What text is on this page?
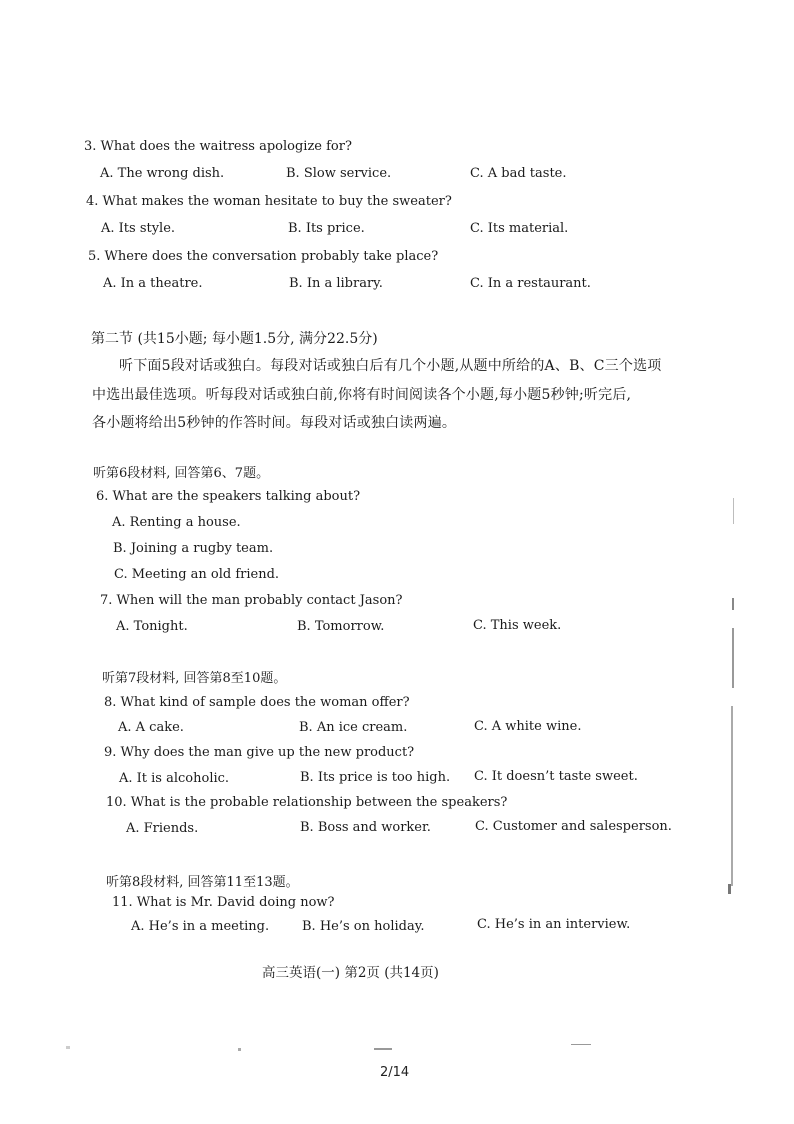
3. What does the waitress apologize for?
A. The wrong dish.	B. Slow service.	C. A bad taste.
4. What makes the woman hesitate to buy the sweater?
A. Its style.	B. Its price.	C. Its material.
5. Where does the conversation probably take place?
A. In a theatre.	B. In a library.	C. In a restaurant.
第二节 (共15小题; 每小题1.5分, 满分22.5分)
听下面5段对话或独白。每段对话或独白后有几个小题,从题中所给的A、B、C三个选项
中选出最佳选项。听每段对话或独白前,你将有时间阅读各个小题,每小题5秒钟;听完后,
各小题将给出5秒钟的作答时间。每段对话或独白读两遍。
听第6段材料, 回答第6、7题。
6. What are the speakers talking about?
A. Renting a house.
B. Joining a rugby team.
C. Meeting an old friend.
7. When will the man probably contact Jason?
A. Tonight.	B. Tomorrow.	C. This week.
听第7段材料, 回答第8至10题。
8. What kind of sample does the woman offer?
A. A cake.	B. An ice cream.	C. A white wine.
9. Why does the man give up the new product?
A. It is alcoholic.	B. Its price is too high. C. It doesn’t taste sweet.
10. What is the probable relationship between the speakers?
A. Friends.	B. Boss and worker.	C. Customer and salesperson.
听第8段材料, 回答第11至13题。
11. What is Mr. David doing now?
A. He’s in a meeting.	B. He’s on holiday.	C. He’s in an interview.
高三英语(一) 第2页 (共14页)
2/14
